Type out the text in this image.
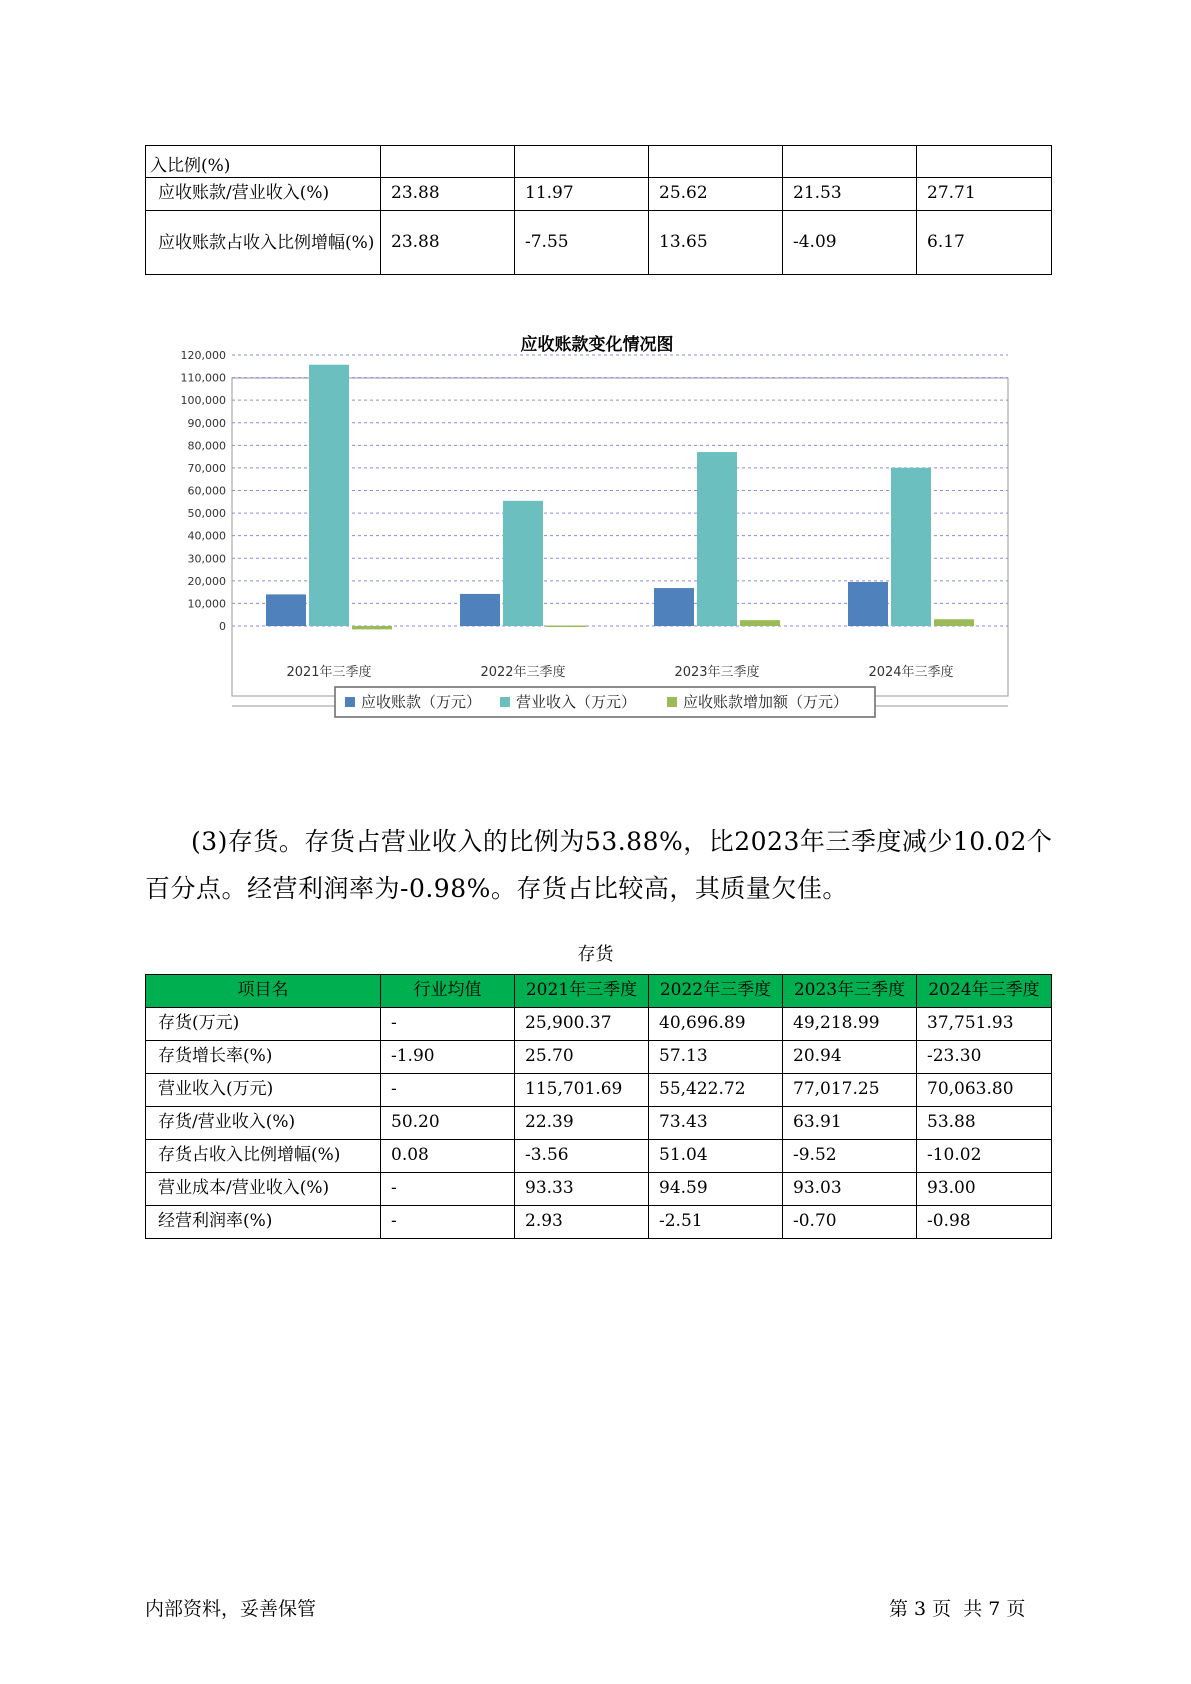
入比例(%)					
应收账款/营业收入(%)	23.88	11.97	25.62	21.53	27.71
应收账款占收入比例增幅(%)	23.88	-7.55	13.65	-4.09	6.17
应收账款变化情况图
0
10,000
20,000
30,000
40,000
50,000
60,000
70,000
80,000
90,000
100,000
110,000
120,000
2021年三季度	2022年三季度	2023年三季度	2024年三季度
应收账款（万元） 营业收入（万元）	应收账款增加额（万元）
(3)存货。存货占营业收入的比例为53.88%，比2023年三季度减少10.02个百分点。经营利润率为-0.98%。存货占比较高，其质量欠佳。
存货
项目名	行业均值	2021年三季度	2022年三季度	2023年三季度	2024年三季度
存货(万元)	-	25,900.37	40,696.89	49,218.99	37,751.93
存货增长率(%)	-1.90	25.70	57.13	20.94	-23.30
营业收入(万元)	-	115,701.69	55,422.72	77,017.25	70,063.80
存货/营业收入(%)	50.20	22.39	73.43	63.91	53.88
存货占收入比例增幅(%)	0.08	-3.56	51.04	-9.52	-10.02
营业成本/营业收入(%)	-	93.33	94.59	93.03	93.00
经营利润率(%)	-	2.93	-2.51	-0.70	-0.98
内部资料，妥善保管	第 3 页 共 7 页
